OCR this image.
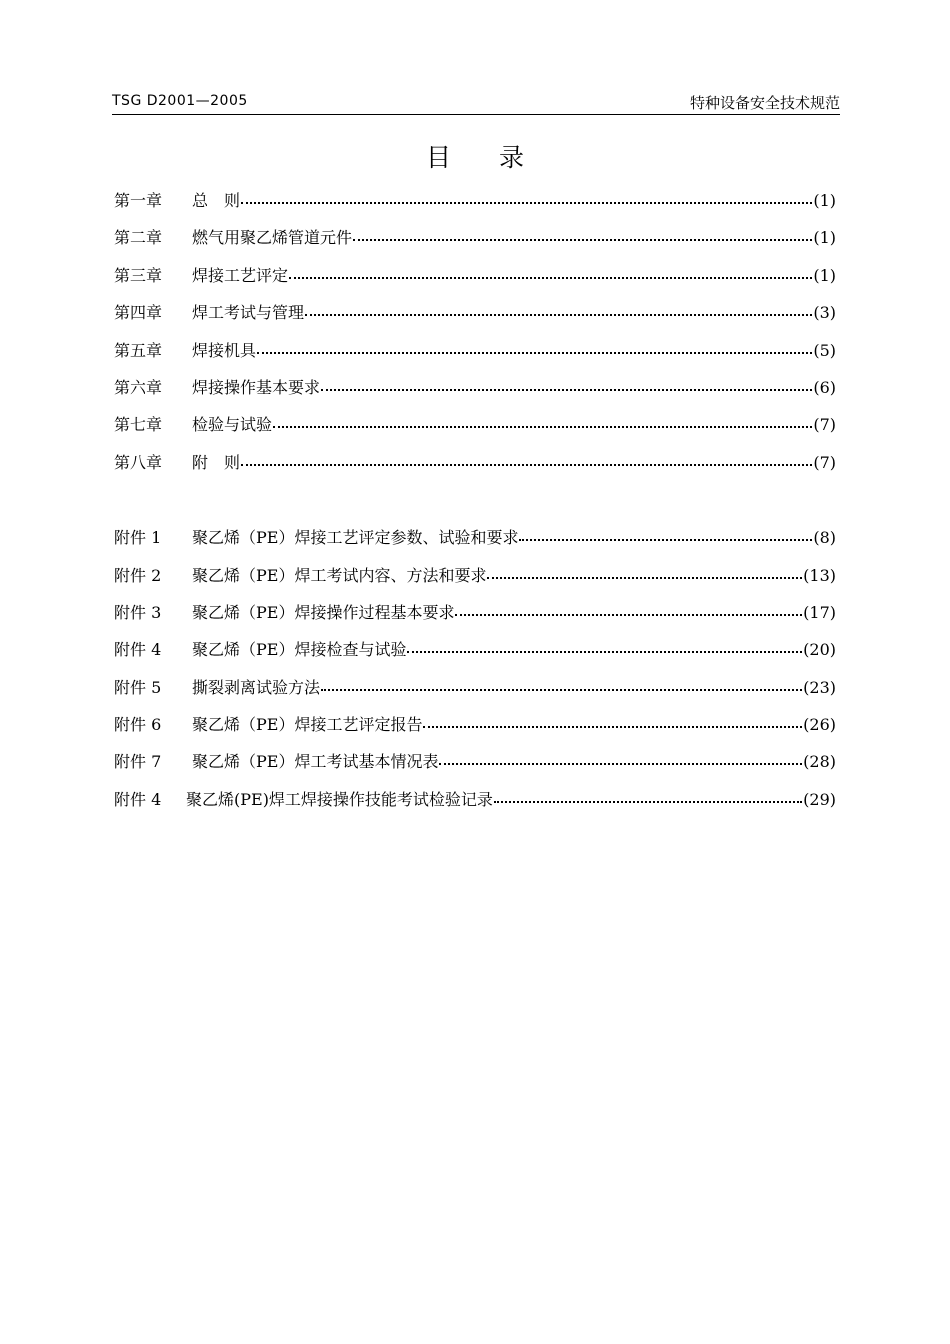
TSG D2001—2005	特种设备安全技术规范
目 录
第一章	总　则	(1)
第二章	燃气用聚乙烯管道元件	(1)
第三章	焊接工艺评定	(1)
第四章	焊工考试与管理	(3)
第五章	焊接机具	(5)
第六章	焊接操作基本要求	(6)
第七章	检验与试验	(7)
第八章	附　则	(7)
附件 1	聚乙烯（PE）焊接工艺评定参数、试验和要求	(8)
附件 2	聚乙烯（PE）焊工考试内容、方法和要求	(13)
附件 3	聚乙烯（PE）焊接操作过程基本要求	(17)
附件 4	聚乙烯（PE）焊接检查与试验	(20)
附件 5	撕裂剥离试验方法	(23)
附件 6	聚乙烯（PE）焊接工艺评定报告	(26)
附件 7	聚乙烯（PE）焊工考试基本情况表	(28)
附件 4	聚乙烯(PE)焊工焊接操作技能考试检验记录	(29)
